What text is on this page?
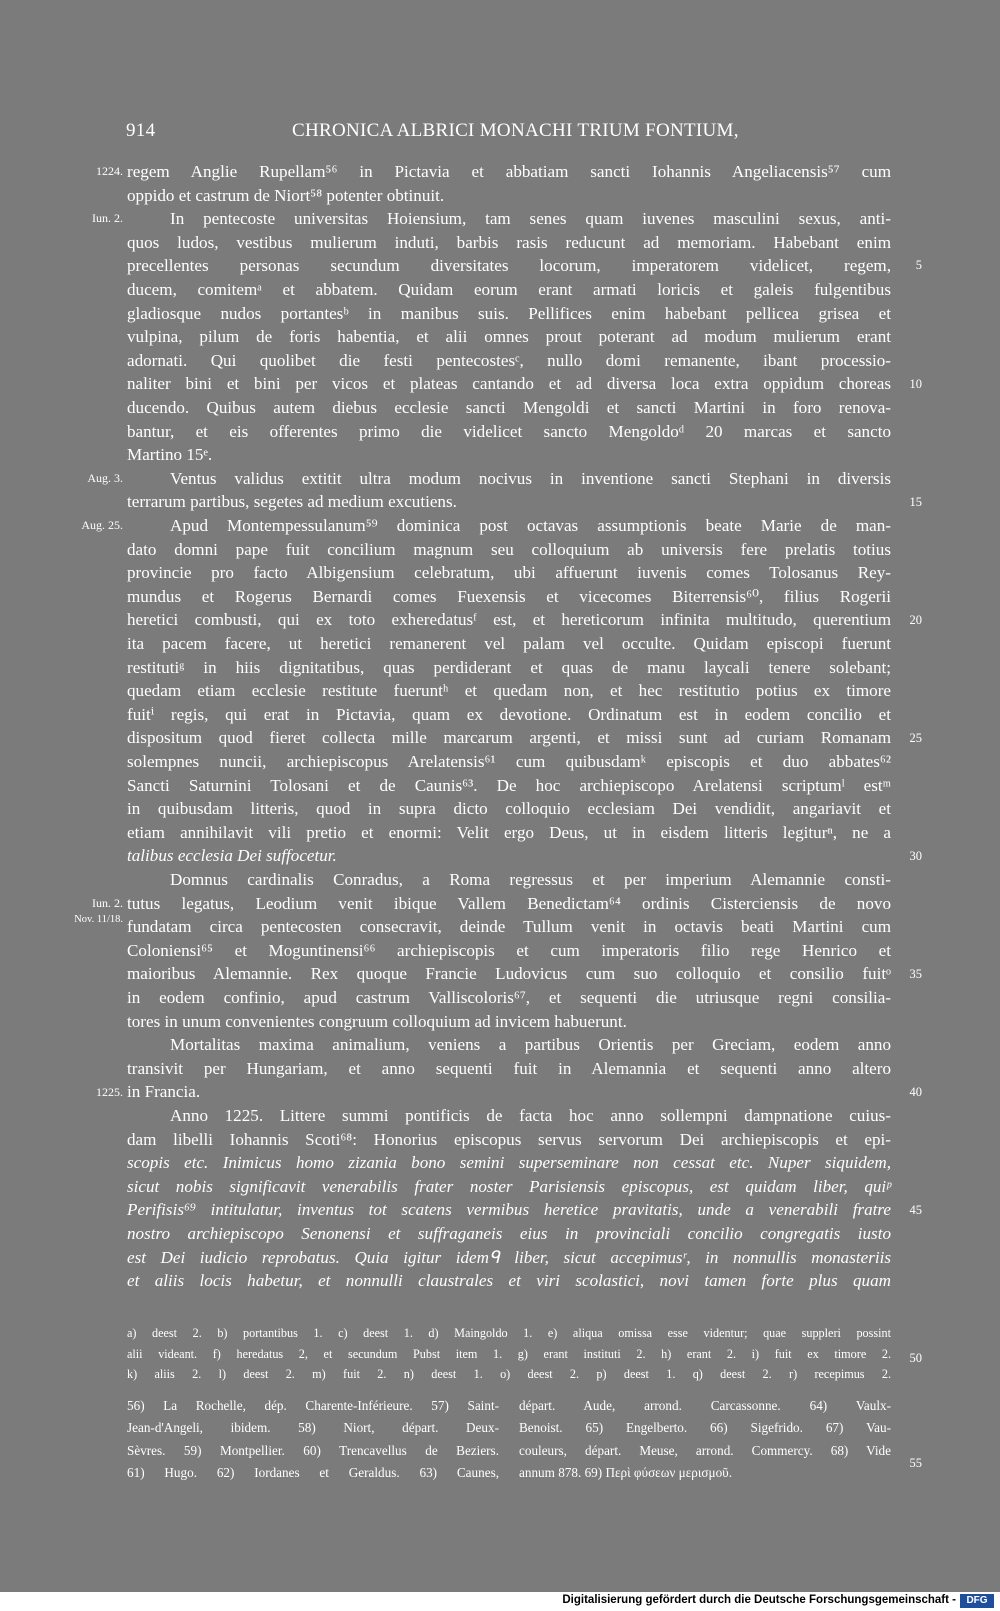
914	CHRONICA ALBRICI MONACHI TRIUM FONTIUM,
1224.
Iun. 2.
Aug. 3.
Aug. 25.
Iun. 2.
Nov. 11/18.
1225.
5
10
15
20
25
30
35
40
45
regem Anglie Rupellam⁵⁶ in Pictavia et abbatiam sancti Iohannis Angeliacensis⁵⁷ cum
oppido et castrum de Niort⁵⁸ potenter obtinuit.
In pentecoste universitas Hoiensium, tam senes quam iuvenes masculini sexus, anti-
quos ludos, vestibus mulierum induti, barbis rasis reducunt ad memoriam. Habebant enim
precellentes personas secundum diversitates locorum, imperatorem videlicet, regem,
ducem, comitemᵃ et abbatem. Quidam eorum erant armati loricis et galeis fulgentibus
gladiosque nudos portantesᵇ in manibus suis. Pellifices enim habebant pellicea grisea et
vulpina, pilum de foris habentia, et alii omnes prout poterant ad modum mulierum erant
adornati. Qui quolibet die festi pentecostesᶜ, nullo domi remanente, ibant processio-
naliter bini et bini per vicos et plateas cantando et ad diversa loca extra oppidum choreas
ducendo. Quibus autem diebus ecclesie sancti Mengoldi et sancti Martini in foro renova-
bantur, et eis offerentes primo die videlicet sancto Mengoldoᵈ 20 marcas et sancto
Martino 15ᵉ.
Ventus validus extitit ultra modum nocivus in inventione sancti Stephani in diversis
terrarum partibus, segetes ad medium excutiens.
Apud Montempessulanum⁵⁹ dominica post octavas assumptionis beate Marie de man-
dato domni pape fuit concilium magnum seu colloquium ab universis fere prelatis totius
provincie pro facto Albigensium celebratum, ubi affuerunt iuvenis comes Tolosanus Rey-
mundus et Rogerus Bernardi comes Fuexensis et vicecomes Biterrensis⁶⁰, filius Rogerii
heretici combusti, qui ex toto exheredatusᶠ est, et hereticorum infinita multitudo, querentium
ita pacem facere, ut heretici remanerent vel palam vel occulte. Quidam episcopi fuerunt
restitutiᵍ in hiis dignitatibus, quas perdiderant et quas de manu laycali tenere solebant;
quedam etiam ecclesie restitute fueruntʰ et quedam non, et hec restitutio potius ex timore
fuitⁱ regis, qui erat in Pictavia, quam ex devotione. Ordinatum est in eodem concilio et
dispositum quod fieret collecta mille marcarum argenti, et missi sunt ad curiam Romanam
solempnes nuncii, archiepiscopus Arelatensis⁶¹ cum quibusdamᵏ episcopis et duo abbates⁶²
Sancti Saturnini Tolosani et de Caunis⁶³. De hoc archiepiscopo Arelatensi scriptumˡ estᵐ
in quibusdam litteris, quod in supra dicto colloquio ecclesiam Dei vendidit, angariavit et
etiam annihilavit vili pretio et enormi: Velit ergo Deus, ut in eisdem litteris legiturⁿ, ne a
talibus ecclesia Dei suffocetur.
Domnus cardinalis Conradus, a Roma regressus et per imperium Alemannie consti-
tutus legatus, Leodium venit ibique Vallem Benedictam⁶⁴ ordinis Cisterciensis de novo
fundatam circa pentecosten consecravit, deinde Tullum venit in octavis beati Martini cum
Coloniensi⁶⁵ et Moguntinensi⁶⁶ archiepiscopis et cum imperatoris filio rege Henrico et
maioribus Alemannie. Rex quoque Francie Ludovicus cum suo colloquio et consilio fuitᵒ
in eodem confinio, apud castrum Valliscoloris⁶⁷, et sequenti die utriusque regni consilia-
tores in unum convenientes congruum colloquium ad invicem habuerunt.
Mortalitas maxima animalium, veniens a partibus Orientis per Greciam, eodem anno
transivit per Hungariam, et anno sequenti fuit in Alemannia et sequenti anno altero
in Francia.
Anno 1225. Littere summi pontificis de facta hoc anno sollempni dampnatione cuius-
dam libelli Iohannis Scoti⁶⁸: Honorius episcopus servus servorum Dei archiepiscopis et epi-
scopis etc. Inimicus homo zizania bono semini superseminare non cessat etc. Nuper siquidem,
sicut nobis significavit venerabilis frater noster Parisiensis episcopus, est quidam liber, quiᵖ
Perifisis⁶⁹ intitulatur, inventus tot scatens vermibus heretice pravitatis, unde a venerabili fratre
nostro archiepiscopo Senonensi et suffraganeis eius in provinciali concilio congregatis iusto
est Dei iudicio reprobatus. Quia igitur idemᑫ liber, sicut accepimusʳ, in nonnullis monasteriis
et aliis locis habetur, et nonnulli claustrales et viri scolastici, novi tamen forte plus quam
a) deest 2. b) portantibus 1. c) deest 1. d) Maingoldo 1. e) aliqua omissa esse videntur; quae suppleri possint
alii videant. f) heredatus 2, et secundum Pubst item 1. g) erant instituti 2. h) erant 2. i) fuit ex timore 2.
k) aliis 2. l) deest 2. m) fuit 2. n) deest 1. o) deest 2. p) deest 1. q) deest 2. r) recepimus 2.
50
56) La Rochelle, dép. Charente-Inférieure. 57) Saint-
Jean-d'Angeli, ibidem. 58) Niort, départ. Deux-
Sèvres. 59) Montpellier. 60) Trencavellus de Beziers.
61) Hugo. 62) Iordanes et Geraldus. 63) Caunes,
départ. Aude, arrond. Carcassonne. 64) Vaulx-
Benoist. 65) Engelberto. 66) Sigefrido. 67) Vau-
couleurs, départ. Meuse, arrond. Commercy. 68) Vide
annum 878. 69) Περὶ φύσεων μερισμοῦ.
55
Digitalisierung gefördert durch die Deutsche Forschungsgemeinschaft -	DFG
